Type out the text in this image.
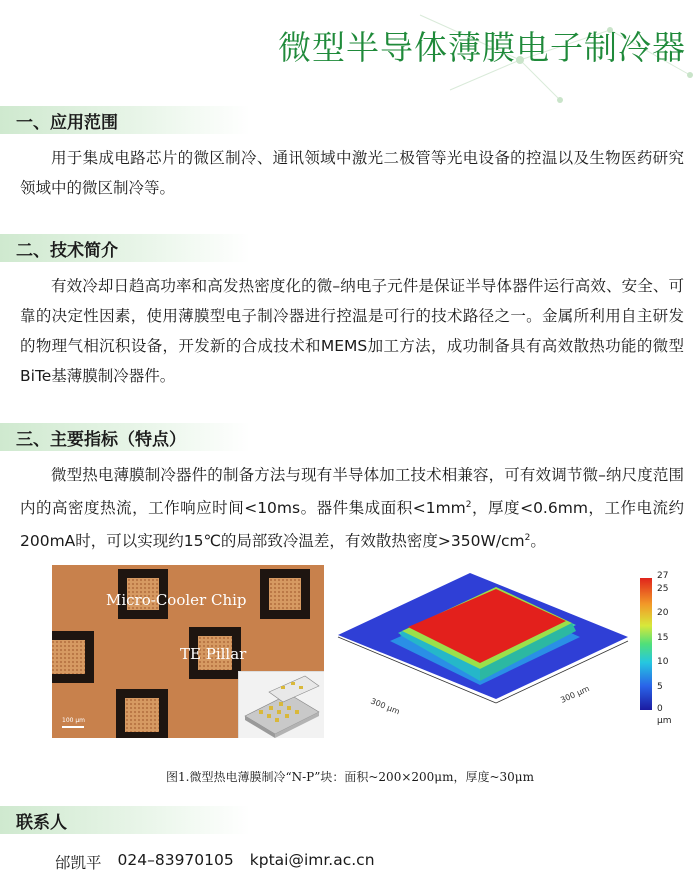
微型半导体薄膜电子制冷器
一、应用范围
用于集成电路芯片的微区制冷、通讯领域中激光二极管等光电设备的控温以及生物医药研究领域中的微区制冷等。
二、技术简介
有效冷却日趋高功率和高发热密度化的微–纳电子元件是保证半导体器件运行高效、安全、可靠的决定性因素，使用薄膜型电子制冷器进行控温是可行的技术路径之一。金属所利用自主研发的物理气相沉积设备，开发新的合成技术和MEMS加工方法，成功制备具有高效散热功能的微型BiTe基薄膜制冷器件。
三、主要指标（特点）
微型热电薄膜制冷器件的制备方法与现有半导体加工技术相兼容，可有效调节微–纳尺度范围内的高密度热流，工作响应时间<10ms。器件集成面积$<1mm^2$，厚度<0.6mm，工作电流约200mA时，可以实现约15℃的局部致冷温差，有效散热密度$>350W/cm^2$。
Micro-Cooler Chip
TE Pillar
100 μm
300 μm
300 μm
27
25
20
15
10
5
0
μm
图1.微型热电薄膜制冷“N-P”块：面积~200×200μm，厚度~30μm
联系人
邰凯平 024–83970105 kptai@imr.ac.cn
